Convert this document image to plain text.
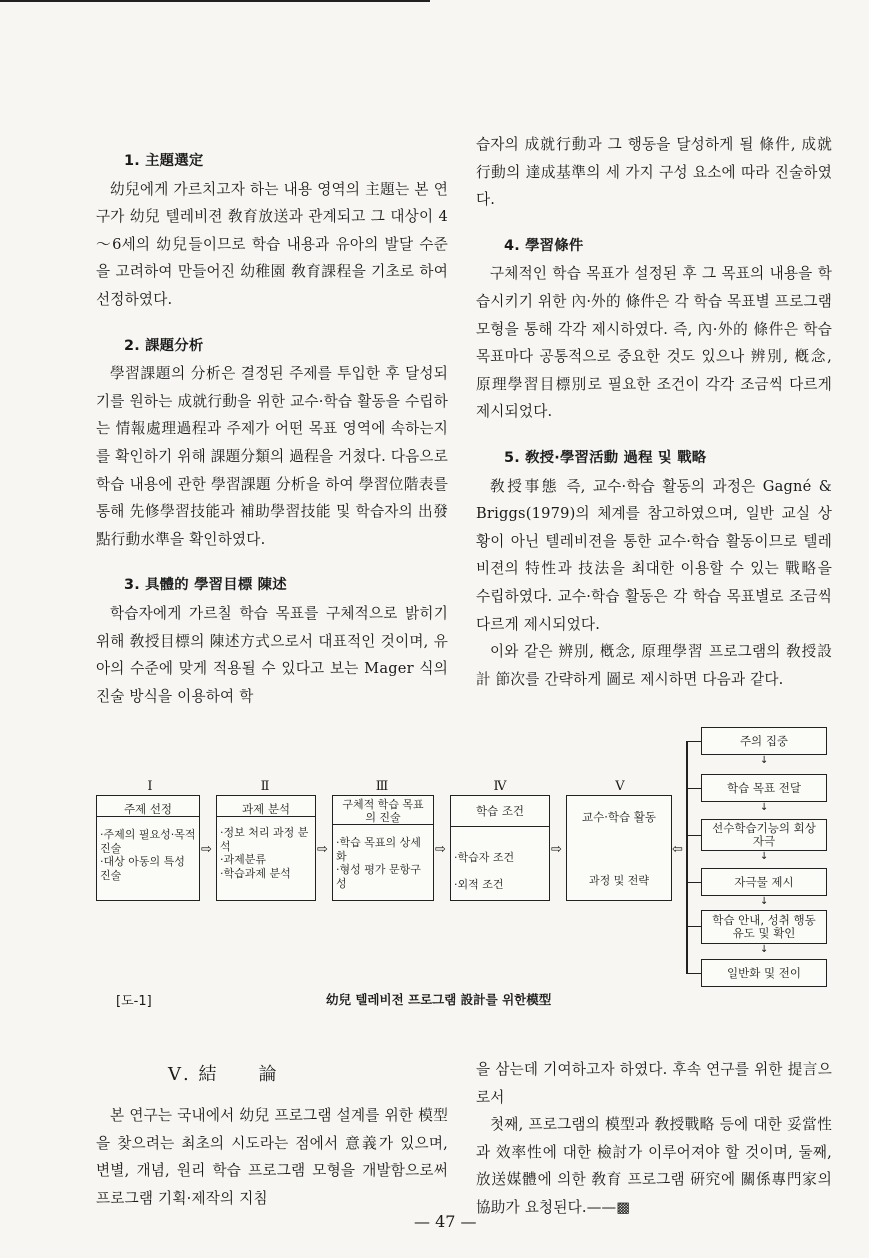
1. 主題選定

幼兒에게 가르치고자 하는 내용 영역의 主題는 본 연구가 幼兒 텔레비젼 敎育放送과 관계되고 그 대상이 4～6세의 幼兒들이므로 학습 내용과 유아의 발달 수준을 고려하여 만들어진 幼稚園 敎育課程을 기초로 하여 선정하였다.

2. 課題分析

學習課題의 分析은 결정된 주제를 투입한 후 달성되기를 원하는 成就行動을 위한 교수·학습 활동을 수립하는 情報處理過程과 주제가 어떤 목표 영역에 속하는지를 확인하기 위해 課題分類의 過程을 거쳤다. 다음으로 학습 내용에 관한 學習課題 分析을 하여 學習位階表를 통해 先修學習技能과 補助學習技能 및 학습자의 出發點行動水準을 확인하였다.

3. 具體的 學習目標 陳述

학습자에게 가르칠 학습 목표를 구체적으로 밝히기 위해 敎授目標의 陳述方式으로서 대표적인 것이며, 유아의 수준에 맞게 적용될 수 있다고 보는 Mager 식의 진술 방식을 이용하여 학

습자의 成就行動과 그 행동을 달성하게 될 條件, 成就行動의 達成基準의 세 가지 구성 요소에 따라 진술하였다.

4. 學習條件

구체적인 학습 목표가 설정된 후 그 목표의 내용을 학습시키기 위한 內·外的 條件은 각 학습 목표별 프로그램 모형을 통해 각각 제시하였다. 즉, 內·外的 條件은 학습 목표마다 공통적으로 중요한 것도 있으나 辨別, 槪念, 原理學習目標別로 필요한 조건이 각각 조금씩 다르게 제시되었다.

5. 敎授·學習活動 過程 및 戰略

敎授事態 즉, 교수·학습 활동의 과정은 Gagné & Briggs(1979)의 체계를 참고하였으며, 일반 교실 상황이 아닌 텔레비젼을 통한 교수·학습 활동이므로 텔레비젼의 特性과 技法을 최대한 이용할 수 있는 戰略을 수립하였다. 교수·학습 활동은 각 학습 목표별로 조금씩 다르게 제시되었다.

이와 같은 辨別, 槪念, 原理學習 프로그램의 敎授設計 節次를 간략하게 圖로 제시하면 다음과 같다.

Ⅰ
주제 선정
·주제의 필요성·목적 진술
·대상 아동의 특성 진술
⇨
Ⅱ
과제 분석
·정보 처리 과정 분석
·과제분류
·학습과제 분석
⇨
Ⅲ
구체적 학습 목표의 진술
·학습 목표의 상세화
·형성 평가 문항구성
⇨
Ⅳ
학습 조건
·학습자 조건
·외적 조건
⇨
Ⅴ
교수·학습 활동
과정 및 전략
⇦
주의 집중
↓
학습 목표 전달
↓
선수학습기능의 회상 자극
↓
자극물 제시
↓
학습 안내, 성취 행동 유도 및 확인
↓
일반화 및 전이
[도-1]	幼兒 텔레비전 프로그램 設計를 위한模型
Ⅴ. 結　　論

본 연구는 국내에서 幼兒 프로그램 설계를 위한 模型을 찾으려는 최초의 시도라는 점에서 意義가 있으며, 변별, 개념, 원리 학습 프로그램 모형을 개발함으로써 프로그램 기획·제작의 지침

을 삼는데 기여하고자 하였다. 후속 연구를 위한 提言으로서

첫째, 프로그램의 模型과 敎授戰略 등에 대한 妥當性과 效率性에 대한 檢討가 이루어져야 할 것이며, 둘째, 放送媒體에 의한 敎育 프로그램 硏究에 關係專門家의 協助가 요청된다.——▩

— 47 —
